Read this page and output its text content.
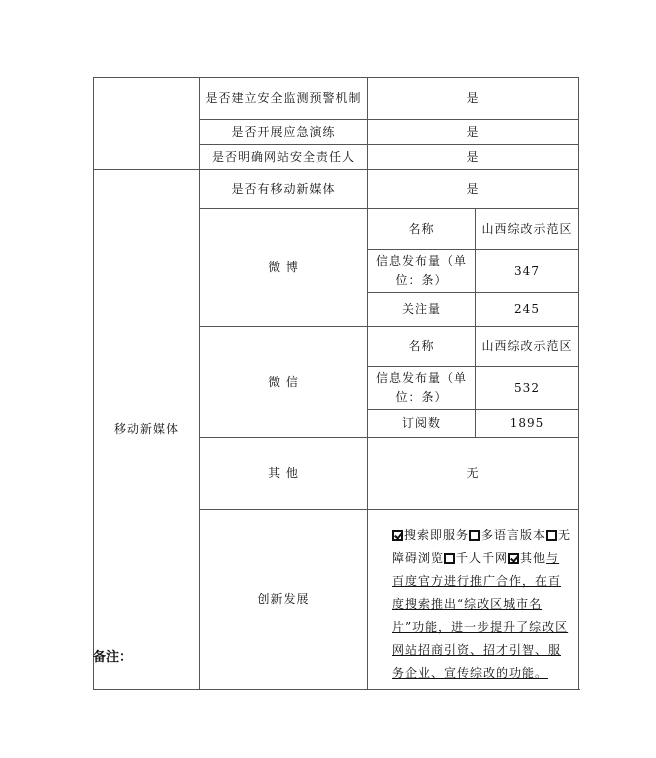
	是否建立安全监测预警机制	是	
	是否开展应急演练	是	
	是否明确网站安全责任人	是	
移动新媒体	是否有移动新媒体	是	
	微 博	名称	山西综改示范区
		信息发布量（单位：条）	347
		关注量	245
	微 信	名称	山西综改示范区
		信息发布量（单位：条）	532
		订阅数	1895
	其 他	无	
	创新发展	搜索即服务 多语言版本 无障碍浏览 千人千网 其他与百度官方进行推广合作，在百度搜索推出“综改区城市名片”功能，进一步提升了综改区网站招商引资、招才引智、服务企业、宣传综改的功能。	
备注：
